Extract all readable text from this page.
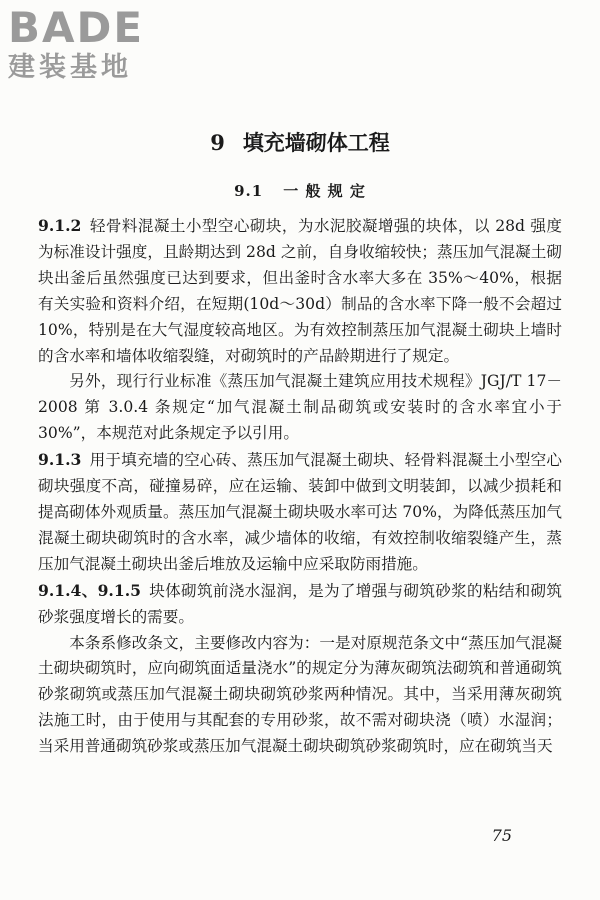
BADE
建装基地
9 填充墙砌体工程
9.1 一 般 规 定

9.1.2 轻骨料混凝土小型空心砌块，为水泥胶凝增强的块体，以 28d 强度为标准设计强度，且龄期达到 28d 之前，自身收缩较快；蒸压加气混凝土砌块出釜后虽然强度已达到要求，但出釜时含水率大多在 35%～40%，根据有关实验和资料介绍，在短期(10d～30d）制品的含水率下降一般不会超过 10%，特别是在大气湿度较高地区。为有效控制蒸压加气混凝土砌块上墙时的含水率和墙体收缩裂缝，对砌筑时的产品龄期进行了规定。

另外，现行行业标准《蒸压加气混凝土建筑应用技术规程》JGJ/T 17－2008 第 3.0.4 条规定“加气混凝土制品砌筑或安装时的含水率宜小于 30%”，本规范对此条规定予以引用。

9.1.3 用于填充墙的空心砖、蒸压加气混凝土砌块、轻骨料混凝土小型空心砌块强度不高，碰撞易碎，应在运输、装卸中做到文明装卸，以减少损耗和提高砌体外观质量。蒸压加气混凝土砌块吸水率可达 70%，为降低蒸压加气混凝土砌块砌筑时的含水率，减少墙体的收缩，有效控制收缩裂缝产生，蒸压加气混凝土砌块出釜后堆放及运输中应采取防雨措施。

9.1.4、9.1.5 块体砌筑前浇水湿润，是为了增强与砌筑砂浆的粘结和砌筑砂浆强度增长的需要。

本条系修改条文，主要修改内容为：一是对原规范条文中“蒸压加气混凝土砌块砌筑时，应向砌筑面适量浇水”的规定分为薄灰砌筑法砌筑和普通砌筑砂浆砌筑或蒸压加气混凝土砌块砌筑砂浆两种情况。其中，当采用薄灰砌筑法施工时，由于使用与其配套的专用砂浆，故不需对砌块浇（喷）水湿润；当采用普通砌筑砂浆或蒸压加气混凝土砌块砌筑砂浆砌筑时，应在砌筑当天

75
